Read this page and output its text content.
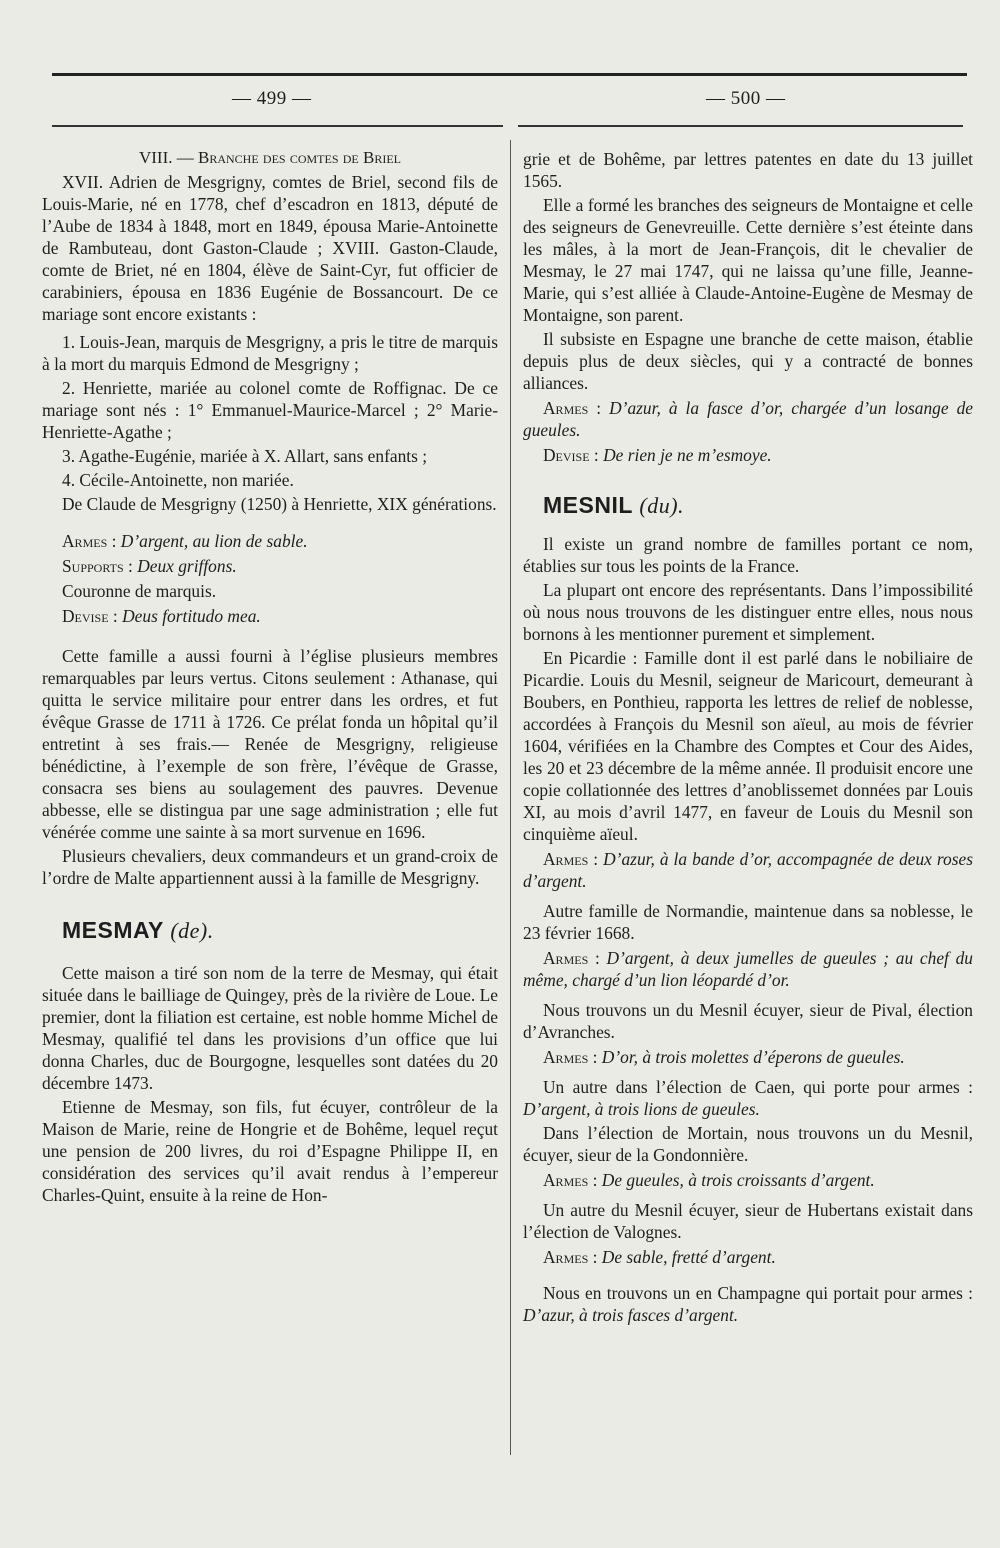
— 499 —	— 500 —

VIII. — Branche des comtes de Briel

XVII. Adrien de Mesgrigny, comtes de Briel, second fils de Louis-Marie, né en 1778, chef d’escadron en 1813, député de l’Aube de 1834 à 1848, mort en 1849, épousa Marie-Antoinette de Rambuteau, dont Gaston-Claude ; XVIII. Gaston-Claude, comte de Briet, né en 1804, élève de Saint-Cyr, fut officier de carabiniers, épousa en 1836 Eugénie de Bossancourt. De ce mariage sont encore existants :

1. Louis-Jean, marquis de Mesgrigny, a pris le titre de marquis à la mort du marquis Edmond de Mesgrigny ;

2. Henriette, mariée au colonel comte de Roffignac. De ce mariage sont nés : 1° Emmanuel-Maurice-Marcel ; 2° Marie-Henriette-Agathe ;

3. Agathe-Eugénie, mariée à X. Allart, sans enfants ;

4. Cécile-Antoinette, non mariée.

De Claude de Mesgrigny (1250) à Henriette, XIX générations.

Armes : D’argent, au lion de sable.

Supports : Deux griffons.

Couronne de marquis.

Devise : Deus fortitudo mea.

Cette famille a aussi fourni à l’église plusieurs membres remarquables par leurs vertus. Citons seulement : Athanase, qui quitta le service militaire pour entrer dans les ordres, et fut évêque Grasse de 1711 à 1726. Ce prélat fonda un hôpital qu’il entretint à ses frais.— Renée de Mesgrigny, religieuse bénédictine, à l’exemple de son frère, l’évêque de Grasse, consacra ses biens au soulagement des pauvres. Devenue abbesse, elle se distingua par une sage administration ; elle fut vénérée comme une sainte à sa mort survenue en 1696.

Plusieurs chevaliers, deux commandeurs et un grand-croix de l’ordre de Malte appartiennent aussi à la famille de Mesgrigny.

MESMAY (de).

Cette maison a tiré son nom de la terre de Mesmay, qui était située dans le bailliage de Quingey, près de la rivière de Loue. Le premier, dont la filiation est certaine, est noble homme Michel de Mesmay, qualifié tel dans les provisions d’un office que lui donna Charles, duc de Bourgogne, lesquelles sont datées du 20 décembre 1473.

Etienne de Mesmay, son fils, fut écuyer, contrôleur de la Maison de Marie, reine de Hongrie et de Bohême, lequel reçut une pension de 200 livres, du roi d’Espagne Philippe II, en considération des services qu’il avait rendus à l’empereur Charles-Quint, ensuite à la reine de Hon-

grie et de Bohême, par lettres patentes en date du 13 juillet 1565.

Elle a formé les branches des seigneurs de Montaigne et celle des seigneurs de Genevreuille. Cette dernière s’est éteinte dans les mâles, à la mort de Jean-François, dit le chevalier de Mesmay, le 27 mai 1747, qui ne laissa qu’une fille, Jeanne-Marie, qui s’est alliée à Claude-Antoine-Eugène de Mesmay de Montaigne, son parent.

Il subsiste en Espagne une branche de cette maison, établie depuis plus de deux siècles, qui y a contracté de bonnes alliances.

Armes : D’azur, à la fasce d’or, chargée d’un losange de gueules.

Devise : De rien je ne m’esmoye.

MESNIL (du).

Il existe un grand nombre de familles portant ce nom, établies sur tous les points de la France.

La plupart ont encore des représentants. Dans l’impossibilité où nous nous trouvons de les distinguer entre elles, nous nous bornons à les mentionner purement et simplement.

En Picardie : Famille dont il est parlé dans le nobiliaire de Picardie. Louis du Mesnil, seigneur de Maricourt, demeurant à Boubers, en Ponthieu, rapporta les lettres de relief de noblesse, accordées à François du Mesnil son aïeul, au mois de février 1604, vérifiées en la Chambre des Comptes et Cour des Aides, les 20 et 23 décembre de la même année. Il produisit encore une copie collationnée des lettres d’anoblissemet données par Louis XI, au mois d’avril 1477, en faveur de Louis du Mesnil son cinquième aïeul.

Armes : D’azur, à la bande d’or, accompagnée de deux roses d’argent.

Autre famille de Normandie, maintenue dans sa noblesse, le 23 février 1668.

Armes : D’argent, à deux jumelles de gueules ; au chef du même, chargé d’un lion léopardé d’or.

Nous trouvons un du Mesnil écuyer, sieur de Pival, élection d’Avranches.

Armes : D’or, à trois molettes d’éperons de gueules.

Un autre dans l’élection de Caen, qui porte pour armes : D’argent, à trois lions de gueules.

Dans l’élection de Mortain, nous trouvons un du Mesnil, écuyer, sieur de la Gondonnière.

Armes : De gueules, à trois croissants d’argent.

Un autre du Mesnil écuyer, sieur de Hubertans existait dans l’élection de Valognes.

Armes : De sable, fretté d’argent.

Nous en trouvons un en Champagne qui portait pour armes : D’azur, à trois fasces d’argent.
